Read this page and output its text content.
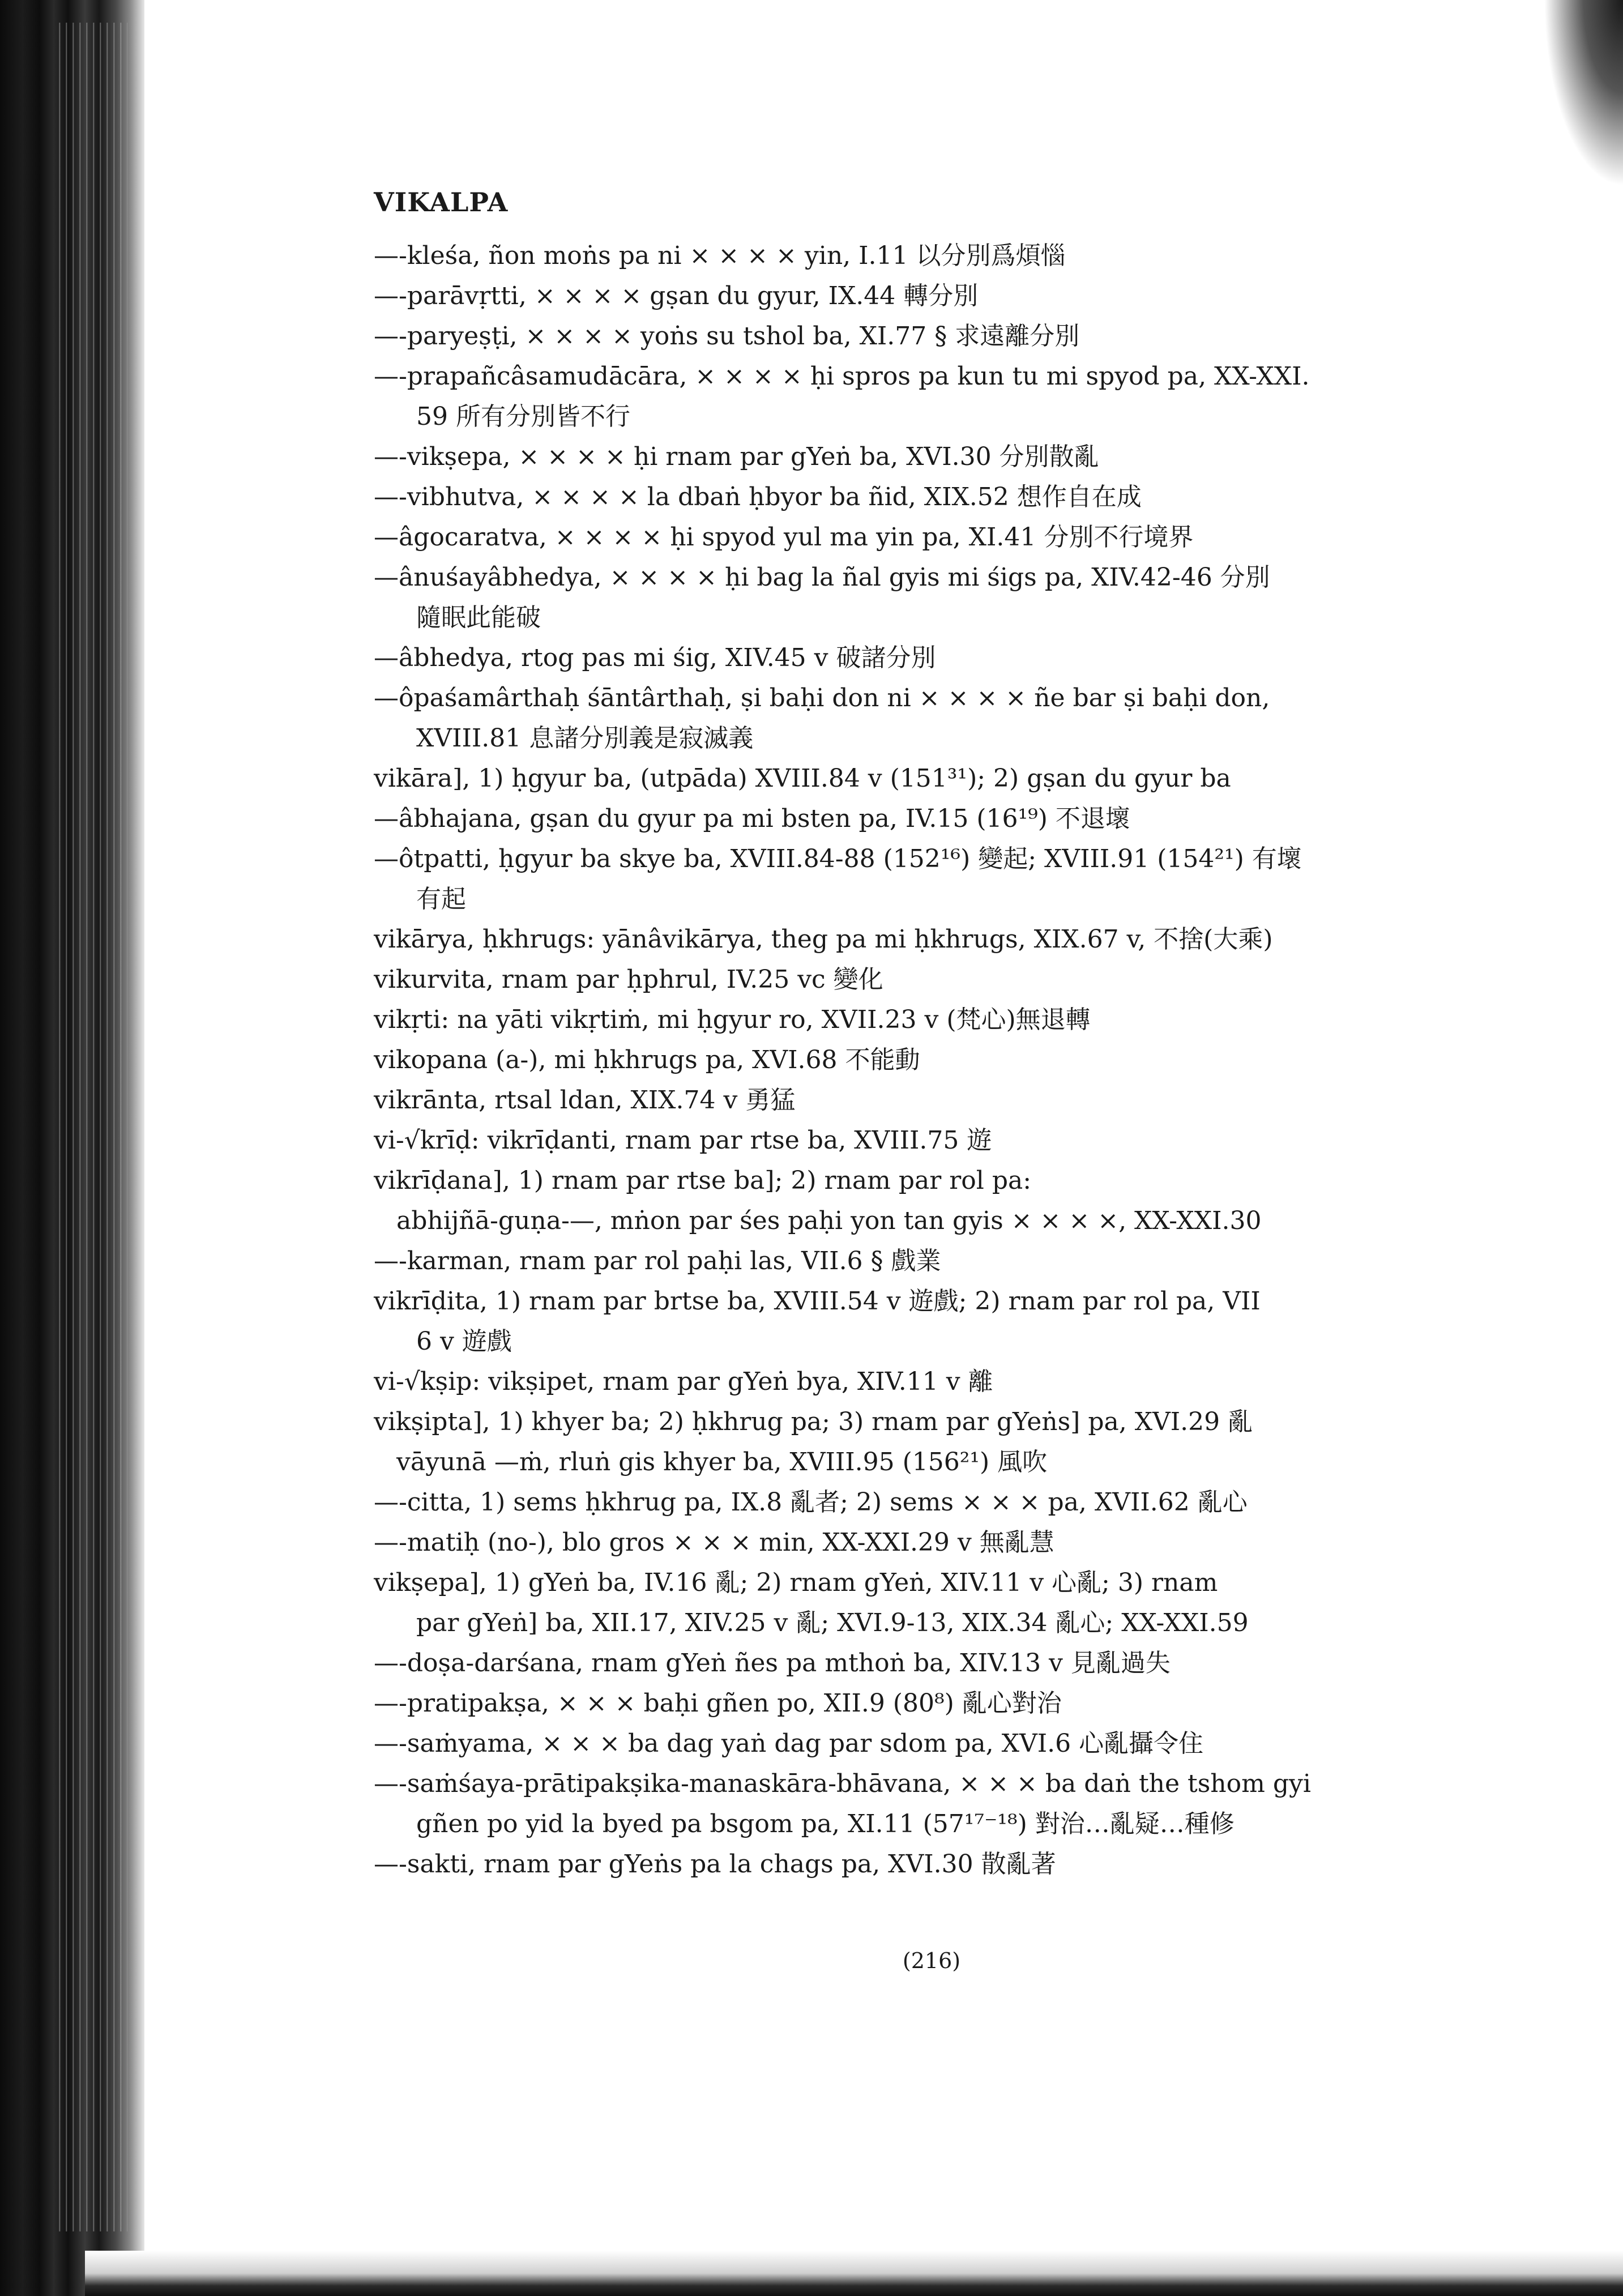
VIKALPA
—-kleśa, ñon moṅs pa ni × × × × yin, I.11 以分別爲煩惱
—-parāvṛtti, × × × × gṣan du gyur, IX.44 轉分別
—-paryeṣṭi, × × × × yoṅs su tshol ba, XI.77 § 求遠離分別
—-prapañcâsamudācāra, × × × × ḥi spros pa kun tu mi spyod pa, XX-XXI.
59 所有分別皆不行
—-vikṣepa, × × × × ḥi rnam par gYeṅ ba, XVI.30 分別散亂
—-vibhutva, × × × × la dbaṅ ḥbyor ba ñid, XIX.52 想作自在成
—âgocaratva, × × × × ḥi spyod yul ma yin pa, XI.41 分別不行境界
—ânuśayâbhedya, × × × × ḥi bag la ñal gyis mi śigs pa, XIV.42-46 分別
隨眠此能破
—âbhedya, rtog pas mi śig, XIV.45 v 破諸分別
—ôpaśamârthaḥ śāntârthaḥ, ṣi baḥi don ni × × × × ñe bar ṣi baḥi don,
XVIII.81 息諸分別義是寂滅義
vikāra], 1) ḥgyur ba, (utpāda) XVIII.84 v (151³¹); 2) gṣan du gyur ba
—âbhajana, gṣan du gyur pa mi bsten pa, IV.15 (16¹⁹) 不退壞
—ôtpatti, ḥgyur ba skye ba, XVIII.84-88 (152¹⁶) 變起; XVIII.91 (154²¹) 有壞
有起
vikārya, ḥkhrugs: yānâvikārya, theg pa mi ḥkhrugs, XIX.67 v, 不捨(大乘)
vikurvita, rnam par ḥphrul, IV.25 vc 變化
vikṛti: na yāti vikṛtiṁ, mi ḥgyur ro, XVII.23 v (梵心)無退轉
vikopana (a-), mi ḥkhrugs pa, XVI.68 不能動
vikrānta, rtsal ldan, XIX.74 v 勇猛
vi-√krīḍ: vikrīḍanti, rnam par rtse ba, XVIII.75 遊
vikrīḍana], 1) rnam par rtse ba]; 2) rnam par rol pa:
abhijñā-guṇa-—, mṅon par śes paḥi yon tan gyis × × × ×, XX-XXI.30
—-karman, rnam par rol paḥi las, VII.6 § 戲業
vikrīḍita, 1) rnam par brtse ba, XVIII.54 v 遊戲; 2) rnam par rol pa, VII
6 v 遊戲
vi-√kṣip: vikṣipet, rnam par gYeṅ bya, XIV.11 v 離
vikṣipta], 1) khyer ba; 2) ḥkhrug pa; 3) rnam par gYeṅs] pa, XVI.29 亂
vāyunā —ṁ, rluṅ gis khyer ba, XVIII.95 (156²¹) 風吹
—-citta, 1) sems ḥkhrug pa, IX.8 亂者; 2) sems × × × pa, XVII.62 亂心
—-matiḥ (no-), blo gros × × × min, XX-XXI.29 v 無亂慧
vikṣepa], 1) gYeṅ ba, IV.16 亂; 2) rnam gYeṅ, XIV.11 v 心亂; 3) rnam
par gYeṅ] ba, XII.17, XIV.25 v 亂; XVI.9-13, XIX.34 亂心; XX-XXI.59
—-doṣa-darśana, rnam gYeṅ ñes pa mthoṅ ba, XIV.13 v 見亂過失
—-pratipakṣa, × × × baḥi gñen po, XII.9 (80⁸) 亂心對治
—-saṁyama, × × × ba dag yaṅ dag par sdom pa, XVI.6 心亂攝令住
—-saṁśaya-prātipakṣika-manaskāra-bhāvana, × × × ba daṅ the tshom gyi
gñen po yid la byed pa bsgom pa, XI.11 (57¹⁷⁻¹⁸) 對治…亂疑…種修
—-sakti, rnam par gYeṅs pa la chags pa, XVI.30 散亂著
(216)
